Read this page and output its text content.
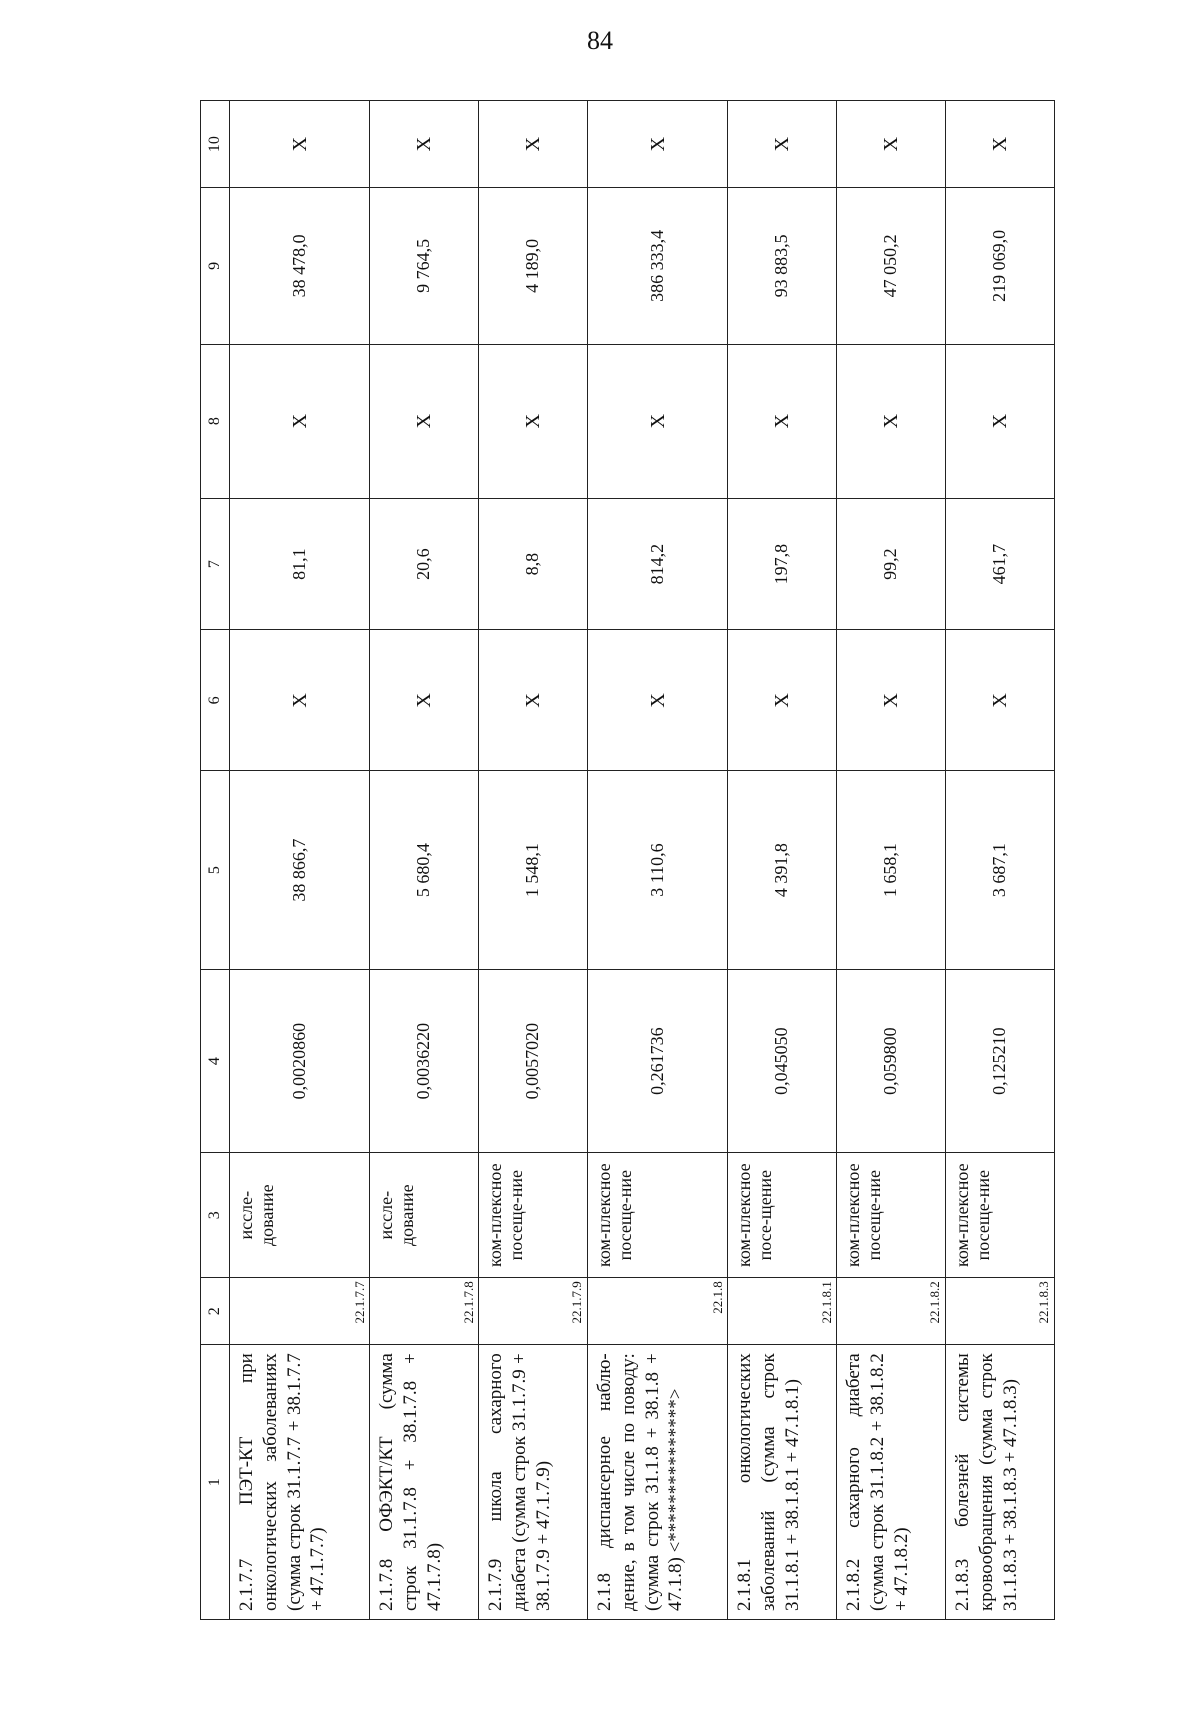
84
1	2	3	4	5	6	7	8	9	10
2.1.7.7 ПЭТ-КТ при онкологических заболеваниях (сумма строк 31.1.7.7 + 38.1.7.7 + 47.1.7.7)	22.1.7.7	иссле-дование	0,0020860	38 866,7	Х	81,1	Х	38 478,0	Х
2.1.7.8 ОФЭКТ/КТ (сумма строк 31.1.7.8 + 38.1.7.8 + 47.1.7.8)	22.1.7.8	иссле-дование	0,0036220	5 680,4	Х	20,6	Х	9 764,5	Х
2.1.7.9 школа сахарного диабета (сумма строк 31.1.7.9 + 38.1.7.9 + 47.1.7.9)	22.1.7.9	ком-плексное посеще-ние	0,0057020	1 548,1	Х	8,8	Х	4 189,0	Х
2.1.8 диспансерное наблю-дение, в том числе по поводу: (сумма строк 31.1.8 + 38.1.8 + 47.1.8) <***************>	22.1.8	ком-плексное посеще-ние	0,261736	3 110,6	Х	814,2	Х	386 333,4	Х
2.1.8.1 онкологических заболеваний (сумма строк 31.1.8.1 + 38.1.8.1 + 47.1.8.1)	22.1.8.1	ком-плексное посе-щение	0,045050	4 391,8	Х	197,8	Х	93 883,5	Х
2.1.8.2 сахарного диабета (сумма строк 31.1.8.2 + 38.1.8.2 + 47.1.8.2)	22.1.8.2	ком-плексное посеще-ние	0,059800	1 658,1	Х	99,2	Х	47 050,2	Х
2.1.8.3 болезней системы кровообращения (сумма строк 31.1.8.3 + 38.1.8.3 + 47.1.8.3)	22.1.8.3	ком-плексное посеще-ние	0,125210	3 687,1	Х	461,7	Х	219 069,0	Х
